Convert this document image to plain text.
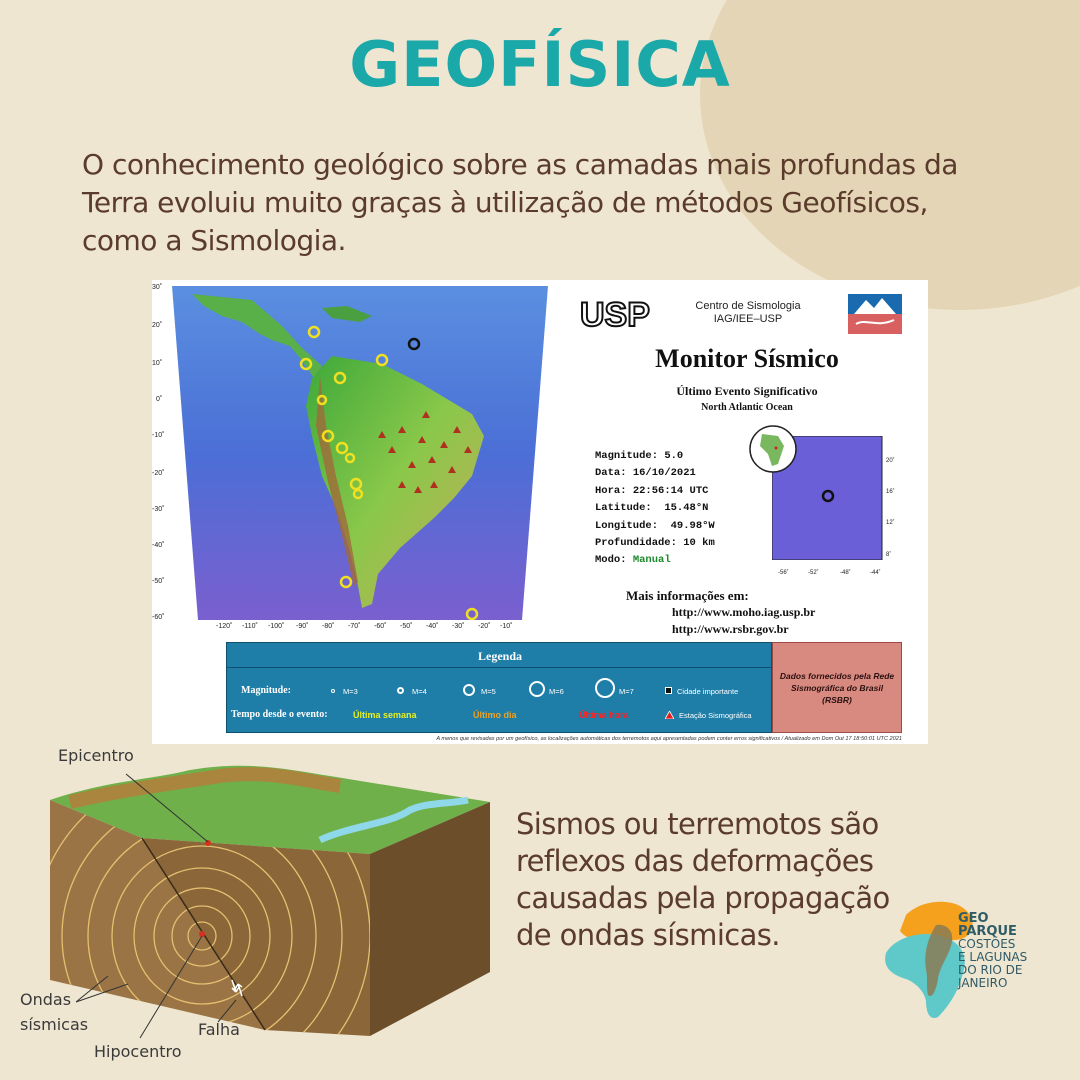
GEOFÍSICA

O conhecimento geológico sobre as camadas mais profundas da Terra evoluiu muito graças à utilização de métodos Geofísicos, como a Sismologia.

30˚
20˚
10˚
0˚
-10˚
-20˚
-30˚
-40˚
-50˚
-60˚
-120˚ -110˚ -100˚ -90˚ -80˚ -70˚ -60˚ -50˚ -40˚ -30˚ -20˚ -10˚
USP	Centro de Sismologia
IAG/IEE–USP
Monitor Sísmico
Último Evento Significativo
North Atlantic Ocean
Magnitude: 5.0
Data: 16/10/2021
Hora: 22:56:14 UTC
Latitude: 15.48°N
Longitude: 49.98°W
Profundidade: 10 km
Modo: Manual
20˚
16˚
12˚
8˚
-56˚	-52˚	-48˚	-44˚
Mais informações em:
http://www.moho.iag.usp.br
http://www.rsbr.gov.br
Legenda
Magnitude:	M=3	M=4	M=5	M=6	M=7	Cidade importante
Tempo desde o evento:	Última semana	Último dia	Última hora	Estação Sismográfica
Dados fornecidos pela Rede Sismográfica do Brasil (RSBR)
A menos que revisadas por um geofísico, as localizações automáticas dos terremotos aqui apresentadas podem conter erros significativos / Atualizado em Dom Out 17 18:50:01 UTC 2021
Epicentro
Ondas
sísmicas	Falha
Hipocentro

Sismos ou terremotos são reflexos das deformações causadas pela propagação de ondas sísmicas.	GEO
PARQUE
COSTÕES
E LAGUNAS
DO RIO DE
JANEIRO
